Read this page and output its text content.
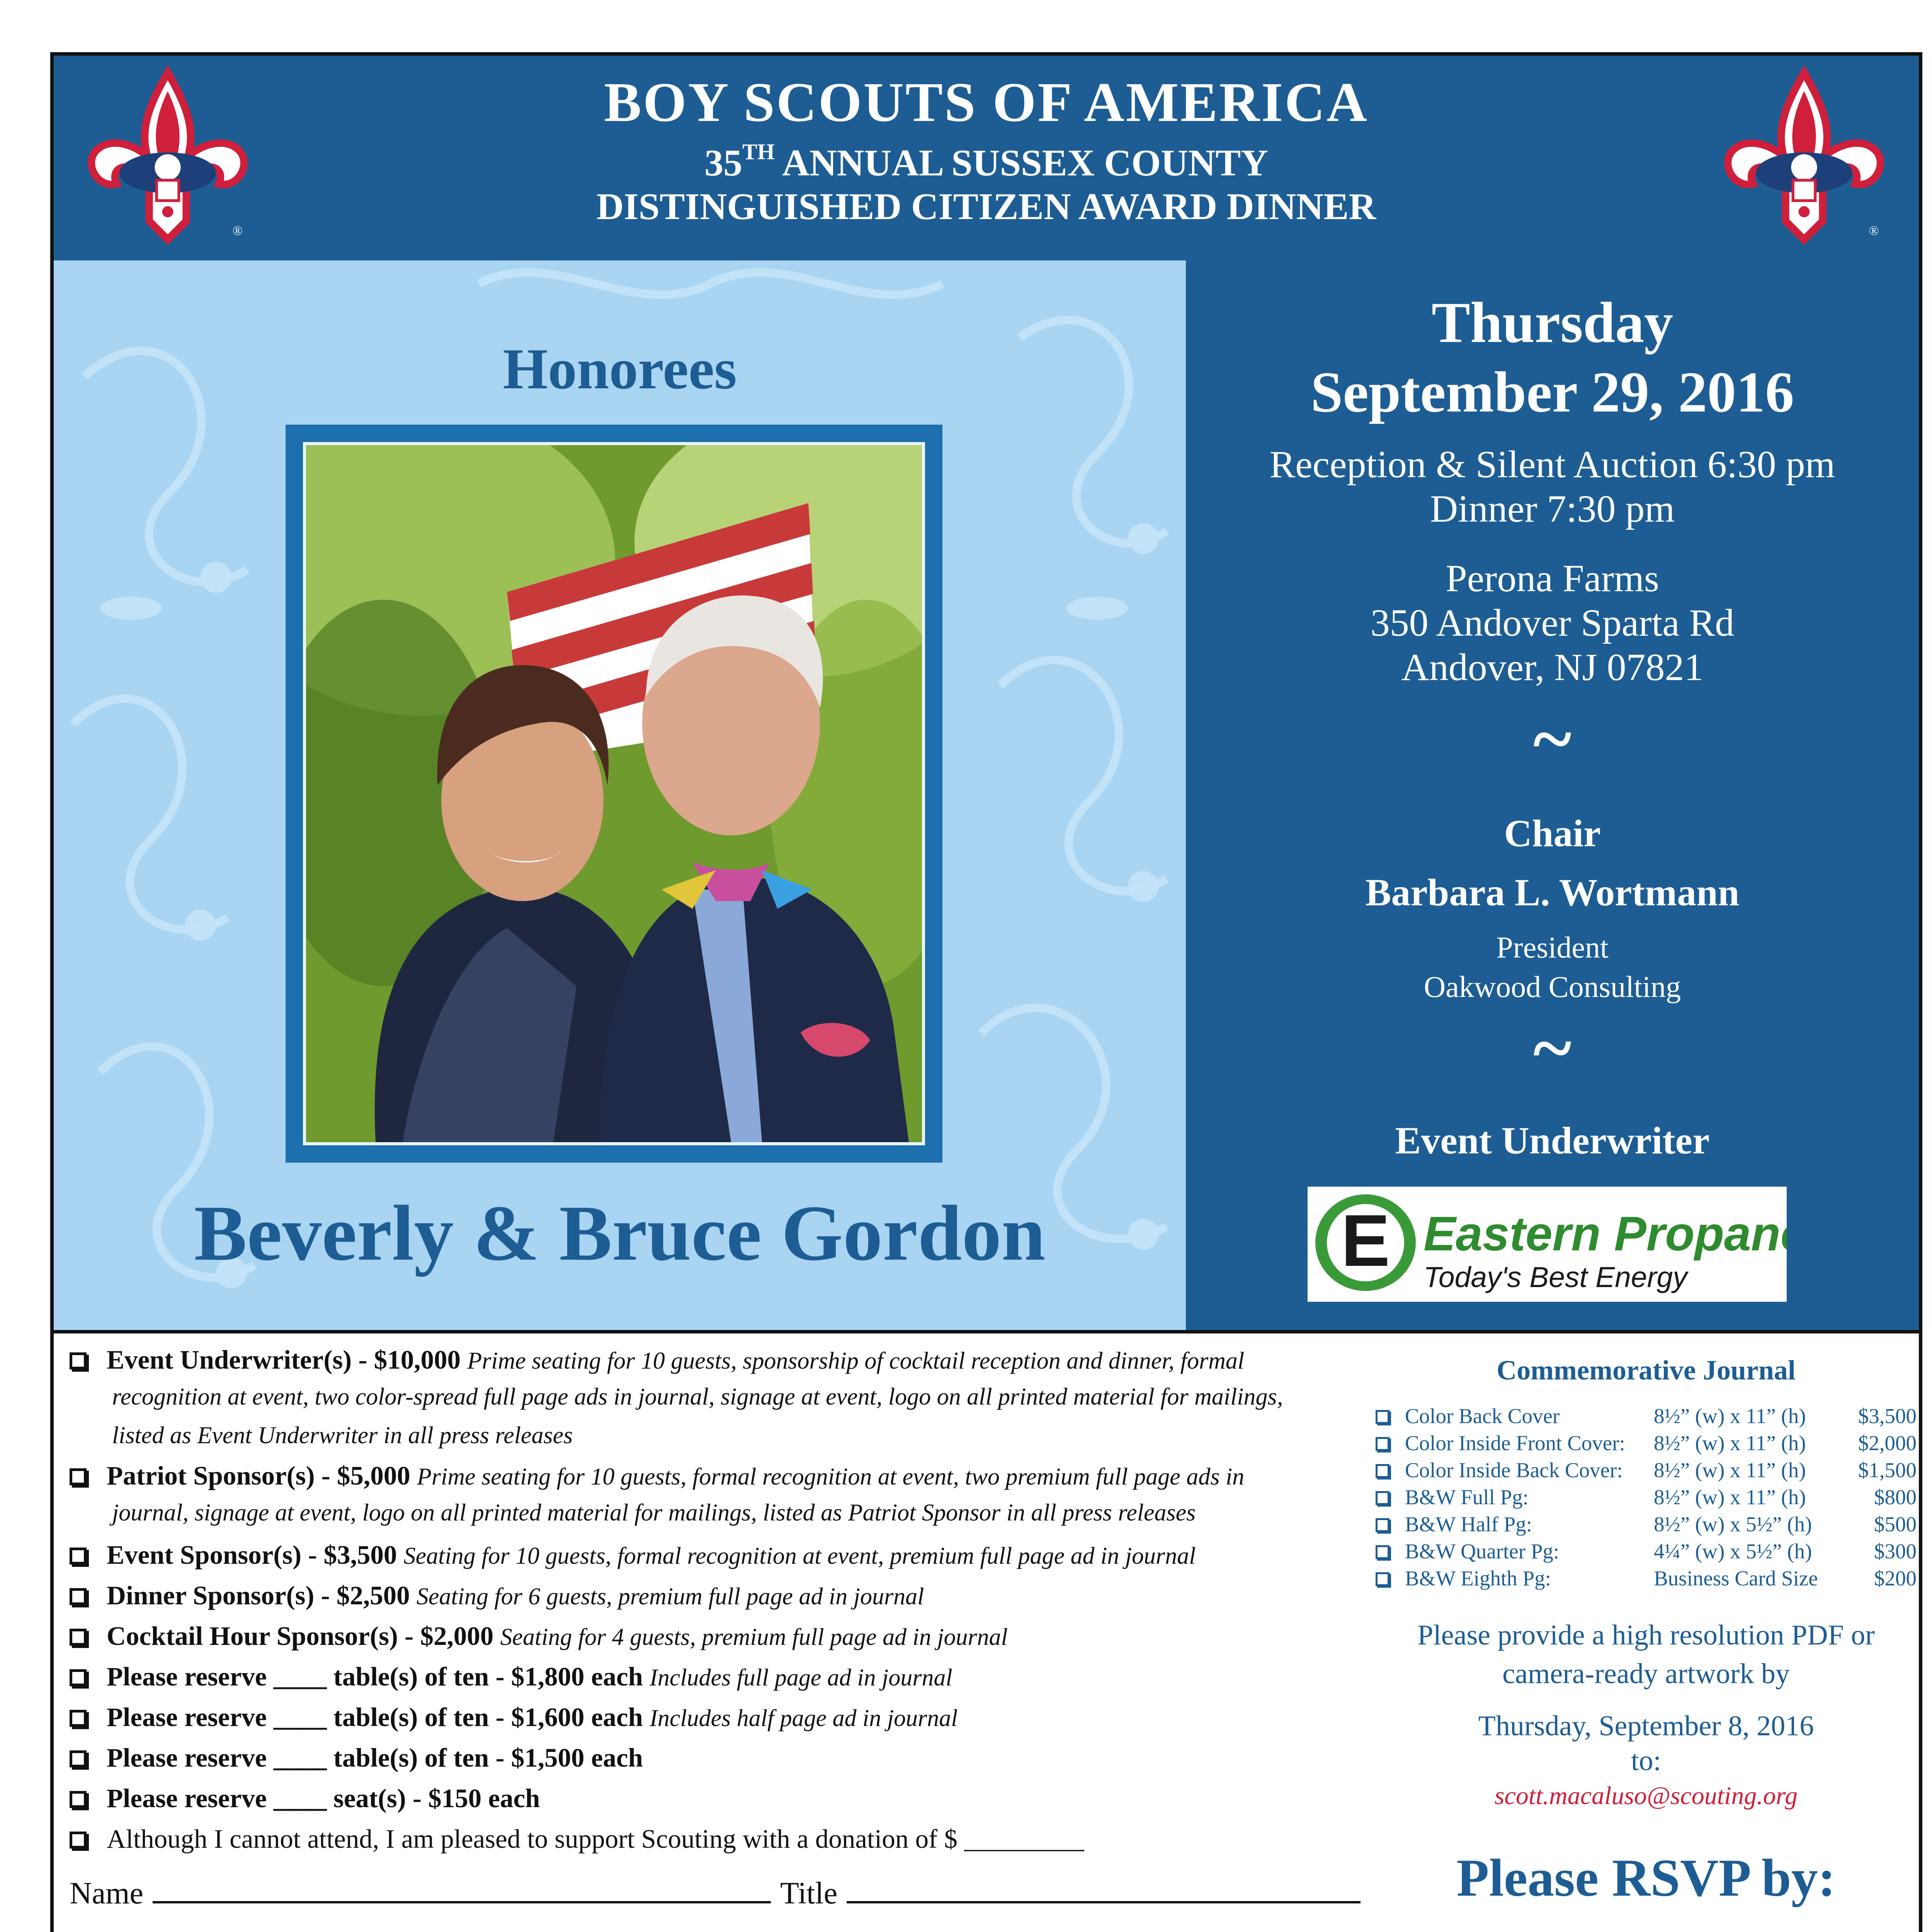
®	®
BOY SCOUTS OF AMERICA
35TH ANNUAL SUSSEX COUNTY
DISTINGUISHED CITIZEN AWARD DINNER
Honorees
Beverly & Bruce Gordon
Thursday
September 29, 2016
Reception & Silent Auction 6:30 pm
Dinner 7:30 pm
Perona Farms
350 Andover Sparta Rd
Andover, NJ 07821
~
Chair
Barbara L. Wortmann
President
Oakwood Consulting
~
Event Underwriter
E Eastern Propane
Today's Best Energy
Event Underwriter(s) - $10,000 Prime seating for 10 guests, sponsorship of cocktail reception and dinner, formal
recognition at event, two color-spread full page ads in journal, signage at event, logo on all printed material for mailings,
listed as Event Underwriter in all press releases
Patriot Sponsor(s) - $5,000 Prime seating for 10 guests, formal recognition at event, two premium full page ads in
journal, signage at event, logo on all printed material for mailings, listed as Patriot Sponsor in all press releases
Event Sponsor(s) - $3,500 Seating for 10 guests, formal recognition at event, premium full page ad in journal
Dinner Sponsor(s) - $2,500 Seating for 6 guests, premium full page ad in journal
Cocktail Hour Sponsor(s) - $2,000 Seating for 4 guests, premium full page ad in journal
Please reserve ____ table(s) of ten - $1,800 each Includes full page ad in journal
Please reserve ____ table(s) of ten - $1,600 each Includes half page ad in journal
Please reserve ____ table(s) of ten - $1,500 each
Please reserve ____ seat(s) - $150 each
Although I cannot attend, I am pleased to support Scouting with a donation of $ _________
Name	Title

Commemorative Journal
Color Back Cover	8½” (w) x 11” (h) $3,500
Color Inside Front Cover: 8½” (w) x 11” (h) $2,000
Color Inside Back Cover: 8½” (w) x 11” (h) $1,500
B&W Full Pg:	8½” (w) x 11” (h)	$800
B&W Half Pg:	8½” (w) x 5½” (h)	$500
B&W Quarter Pg:	4¼” (w) x 5½” (h)	$300
B&W Eighth Pg:	Business Card Size	$200
Please provide a high resolution PDF or
camera-ready artwork by
Thursday, September 8, 2016
to:
scott.macaluso@scouting.org
Please RSVP by:
